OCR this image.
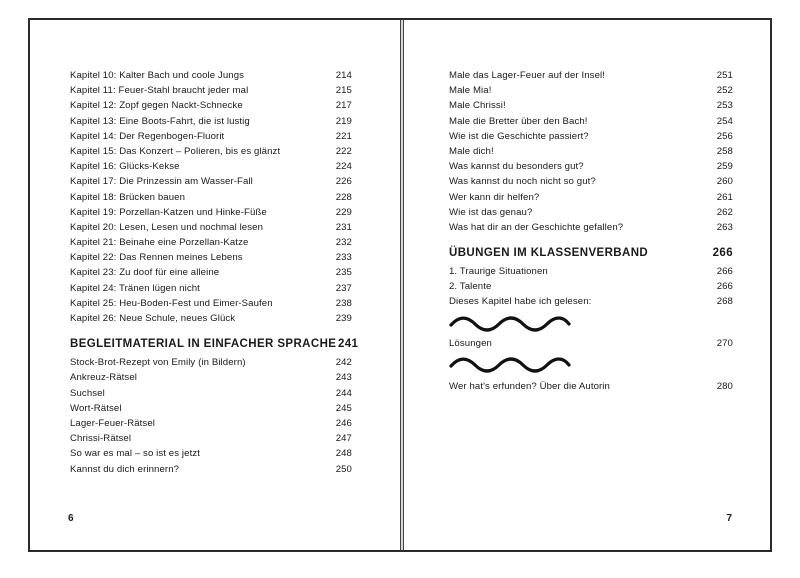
Kapitel 10: Kalter Bach und coole Jungs	214
Kapitel 11: Feuer-Stahl braucht jeder mal	215
Kapitel 12: Zopf gegen Nackt-Schnecke	217
Kapitel 13: Eine Boots-Fahrt, die ist lustig	219
Kapitel 14: Der Regenbogen-Fluorit	221
Kapitel 15: Das Konzert – Polieren, bis es glänzt	222
Kapitel 16: Glücks-Kekse	224
Kapitel 17: Die Prinzessin am Wasser-Fall	226
Kapitel 18: Brücken bauen	228
Kapitel 19: Porzellan-Katzen und Hinke-Füße	229
Kapitel 20: Lesen, Lesen und nochmal lesen	231
Kapitel 21: Beinahe eine Porzellan-Katze	232
Kapitel 22: Das Rennen meines Lebens	233
Kapitel 23: Zu doof für eine alleine	235
Kapitel 24: Tränen lügen nicht	237
Kapitel 25: Heu-Boden-Fest und Eimer-Saufen	238
Kapitel 26: Neue Schule, neues Glück	239
BEGLEITMATERIAL IN EINFACHER SPRACHE 241
Stock-Brot-Rezept von Emily (in Bildern)	242
Ankreuz-Rätsel	243
Suchsel	244
Wort-Rätsel	245
Lager-Feuer-Rätsel	246
Chrissi-Rätsel	247
So war es mal – so ist es jetzt	248
Kannst du dich erinnern?	250
6
Male das Lager-Feuer auf der Insel!	251
Male Mia!	252
Male Chrissi!	253
Male die Bretter über den Bach!	254
Wie ist die Geschichte passiert?	256
Male dich!	258
Was kannst du besonders gut?	259
Was kannst du noch nicht so gut?	260
Wer kann dir helfen?	261
Wie ist das genau?	262
Was hat dir an der Geschichte gefallen?	263
ÜBUNGEN IM KLASSENVERBAND	266
1. Traurige Situationen	266
2. Talente	266
Dieses Kapitel habe ich gelesen:	268
Lösungen	270
Wer hat's erfunden? Über die Autorin	280
7
